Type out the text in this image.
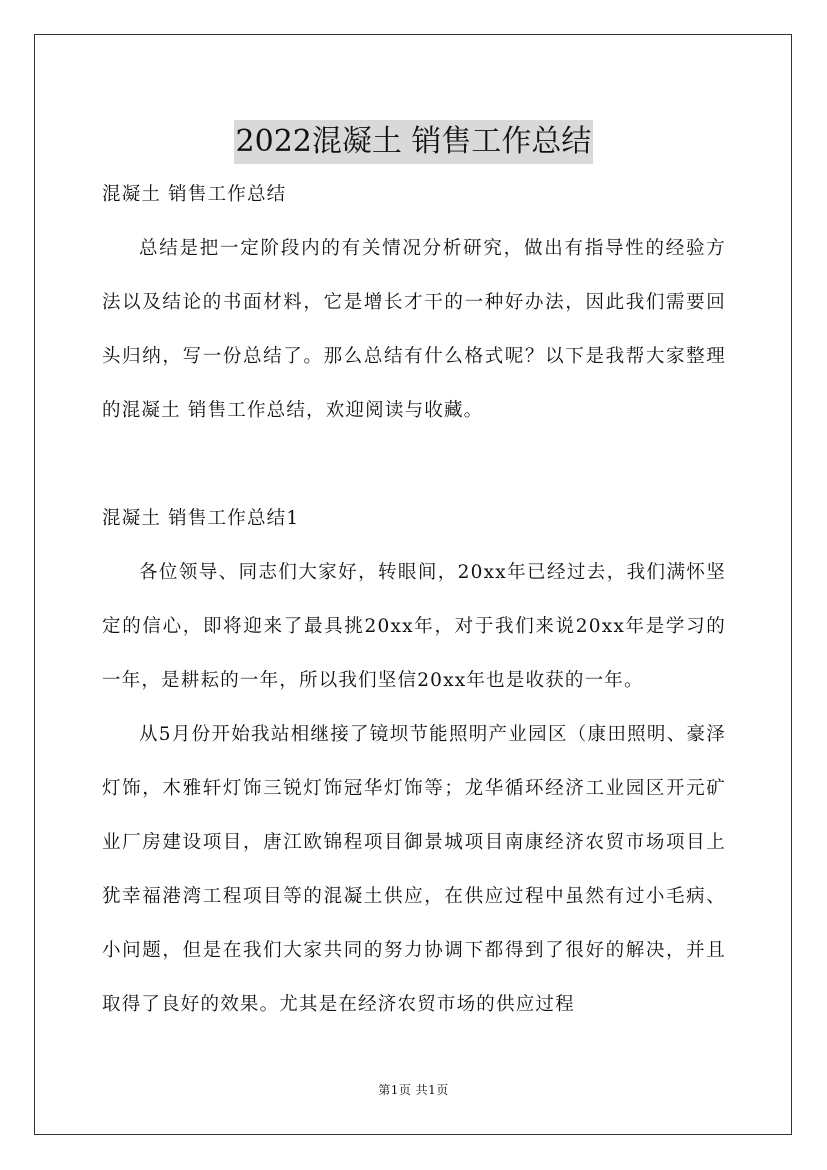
2022混凝土 销售工作总结

混凝土 销售工作总结

总结是把一定阶段内的有关情况分析研究，做出有指导性的经验方法以及结论的书面材料，它是增长才干的一种好办法，因此我们需要回头归纳，写一份总结了。那么总结有什么格式呢？以下是我帮大家整理的混凝土 销售工作总结，欢迎阅读与收藏。

混凝土 销售工作总结1

各位领导、同志们大家好，转眼间，20xx年已经过去，我们满怀坚定的信心，即将迎来了最具挑20xx年，对于我们来说20xx年是学习的一年，是耕耘的一年，所以我们坚信20xx年也是收获的一年。

从5月份开始我站相继接了镜坝节能照明产业园区（康田照明、豪泽灯饰，木雅轩灯饰三锐灯饰冠华灯饰等；龙华循环经济工业园区开元矿业厂房建设项目，唐江欧锦程项目御景城项目南康经济农贸市场项目上犹幸福港湾工程项目等的混凝土供应，在供应过程中虽然有过小毛病、小问题，但是在我们大家共同的努力协调下都得到了很好的解决，并且取得了良好的效果。尤其是在经济农贸市场的供应过程

第1页 共1页
